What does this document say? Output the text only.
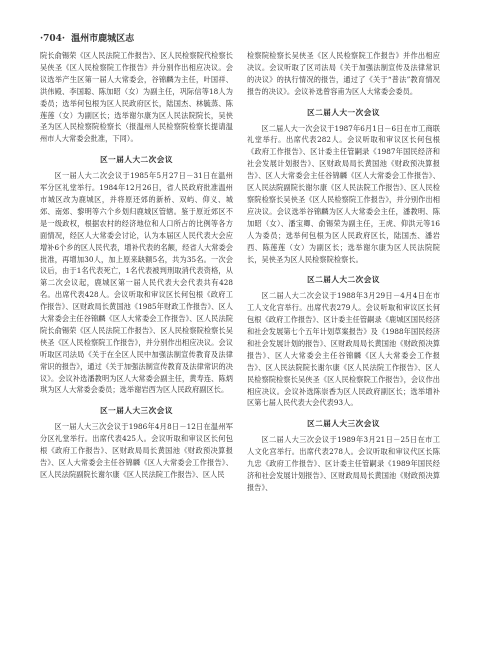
·704· 温州市鹿城区志

院长俞锡荣《区人民法院工作报告》、区人民检察院代检察长吴侠圣《区人民检察院工作报告》并分别作出相应决议。会议选举产生区第一届人大常委会，谷锦麟为主任，叶国祥、洪伟殿、李国聪、陈加昭（女）为副主任，巩际信等18人为委员；选举何包根为区人民政府区长，陆国杰、林毓蒸、陈莲莲（女）为副区长；选举谢尔康为区人民法院院长，吴侠圣为区人民检察院检察长（报温州人民检察院检察长提请温州市人大常委会批准，下同）。

区一届人大二次会议

区一届人大二次会议于1985年5月27日－31日在温州军分区礼堂举行。1984年12月26日，省人民政府批准温州市城区改为鹿城区，并将原还郊的新桥、双屿、仰义、城郊、南郊、黎明等六个乡划归鹿城区管辖。鉴于原近郊区不是一级政权，根据农村的经济地位和人口所占的比例等各方面情况，经区人大常委会讨论，认为本届区人民代表大会应增补6个乡的区人民代表，增补代表的名额，经省人大常委会批准，再增加30人，加上原来缺额5名，共为35名。一次会议后，由于1名代表死亡，1名代表被判刑取消代表资格，从第二次会议起，鹿城区第一届人民代表大会代表共有428名。出席代表428人。会议听取和审议区长何包根《政府工作报告》、区财政局长黄国池《1985年财政工作报告》、区人大常委会主任谷锦麟《区人大常委会工作报告》、区人民法院院长俞锡荣《区人民法院工作报告》、区人民检察院检察长吴侠圣《区人民检察院工作报告》，并分别作出相应决议。会议听取区司法局《关于在全区人民中加强法制宣传教育及法律常识的报告》，通过《关于加强法制宣传教育及法律常识的决议》。会议补选潘教明为区人大常委会副主任，黄寿连、陈炳琪为区人大常委会委员；选举谢岩西为区人民政府副区长。

区一届人大三次会议

区一届人大三次会议于1986年4月8日－12日在温州军分区礼堂举行。出席代表425人。会议听取和审议区长何包根《政府工作报告》、区财政局局长黄国池《财政预决算报告》、区人大常委会主任谷锦麟《区人大常委会工作报告》、区人民法院副院长谢尔康《区人民法院工作报告》、区人民

检察院检察长吴侠圣《区人民检察院工作报告》并作出相应决议。会议听取了区司法局《关于加强法制宣传及法律常识的决议》的执行情况的报告，通过了《关于“普法”教育情况报告的决议》。会议补选曾容甫为区人大常委会委员。

区二届人大一次会议

区二届人大一次会议于1987年6月1日－6日在市工商联礼堂举行。出席代表282人。会议听取和审议区长何包根《政府工作报告》、区计委主任管嗣录《1987年国民经济和社会发展计划报告》、区财政局局长黄国池《财政预决算报告》、区人大常委会主任谷锦麟《区人大常委会工作报告》、区人民法院副院长谢尔康《区人民法院工作报告》、区人民检察院检察长吴侠圣《区人民检察院工作报告》，并分别作出相应决议。会议选举谷锦麟为区人大常委会主任，潘教明、陈加昭（女）、潘宝卿、俞锡荣为副主任，王虎、仰洪元等16人为委员；选举何包根为区人民政府区长，陆国杰、潘岩西、陈莲莲（女）为副区长；选举谢尔康为区人民法院院长，吴侠圣为区人民检察院检察长。

区二届人大二次会议

区二届人大二次会议于1988年3月29日－4月4日在市工人文化宫举行。出席代表279人。会议听取和审议区长何包根《政府工作报告》、区计委主任管嗣录《鹿城区国民经济和社会发展第七个五年计划草案报告》及《1988年国民经济和社会发展计划的报告》、区财政局局长黄国池《财政预决算报告》、区人大常委会主任谷锦麟《区人大常委会工作报告》、区人民法院院长谢尔康《区人民法院工作报告》、区人民检察院检察长吴侠圣《区人民检察院工作报告》，会议作出相应决议。会议补选陈崇香为区人民政府副区长；选举增补区第七届人民代表大会代表93人。

区二届人大三次会议

区二届人大三次会议于1989年3月21日－25日在市工人文化宫举行。出席代表278人。会议听取和审议代区长陈九忠《政府工作报告》、区计委主任管嗣录《1989年国民经济和社会发展计划报告》、区财政局局长黄国池《财政预决算报告》、
